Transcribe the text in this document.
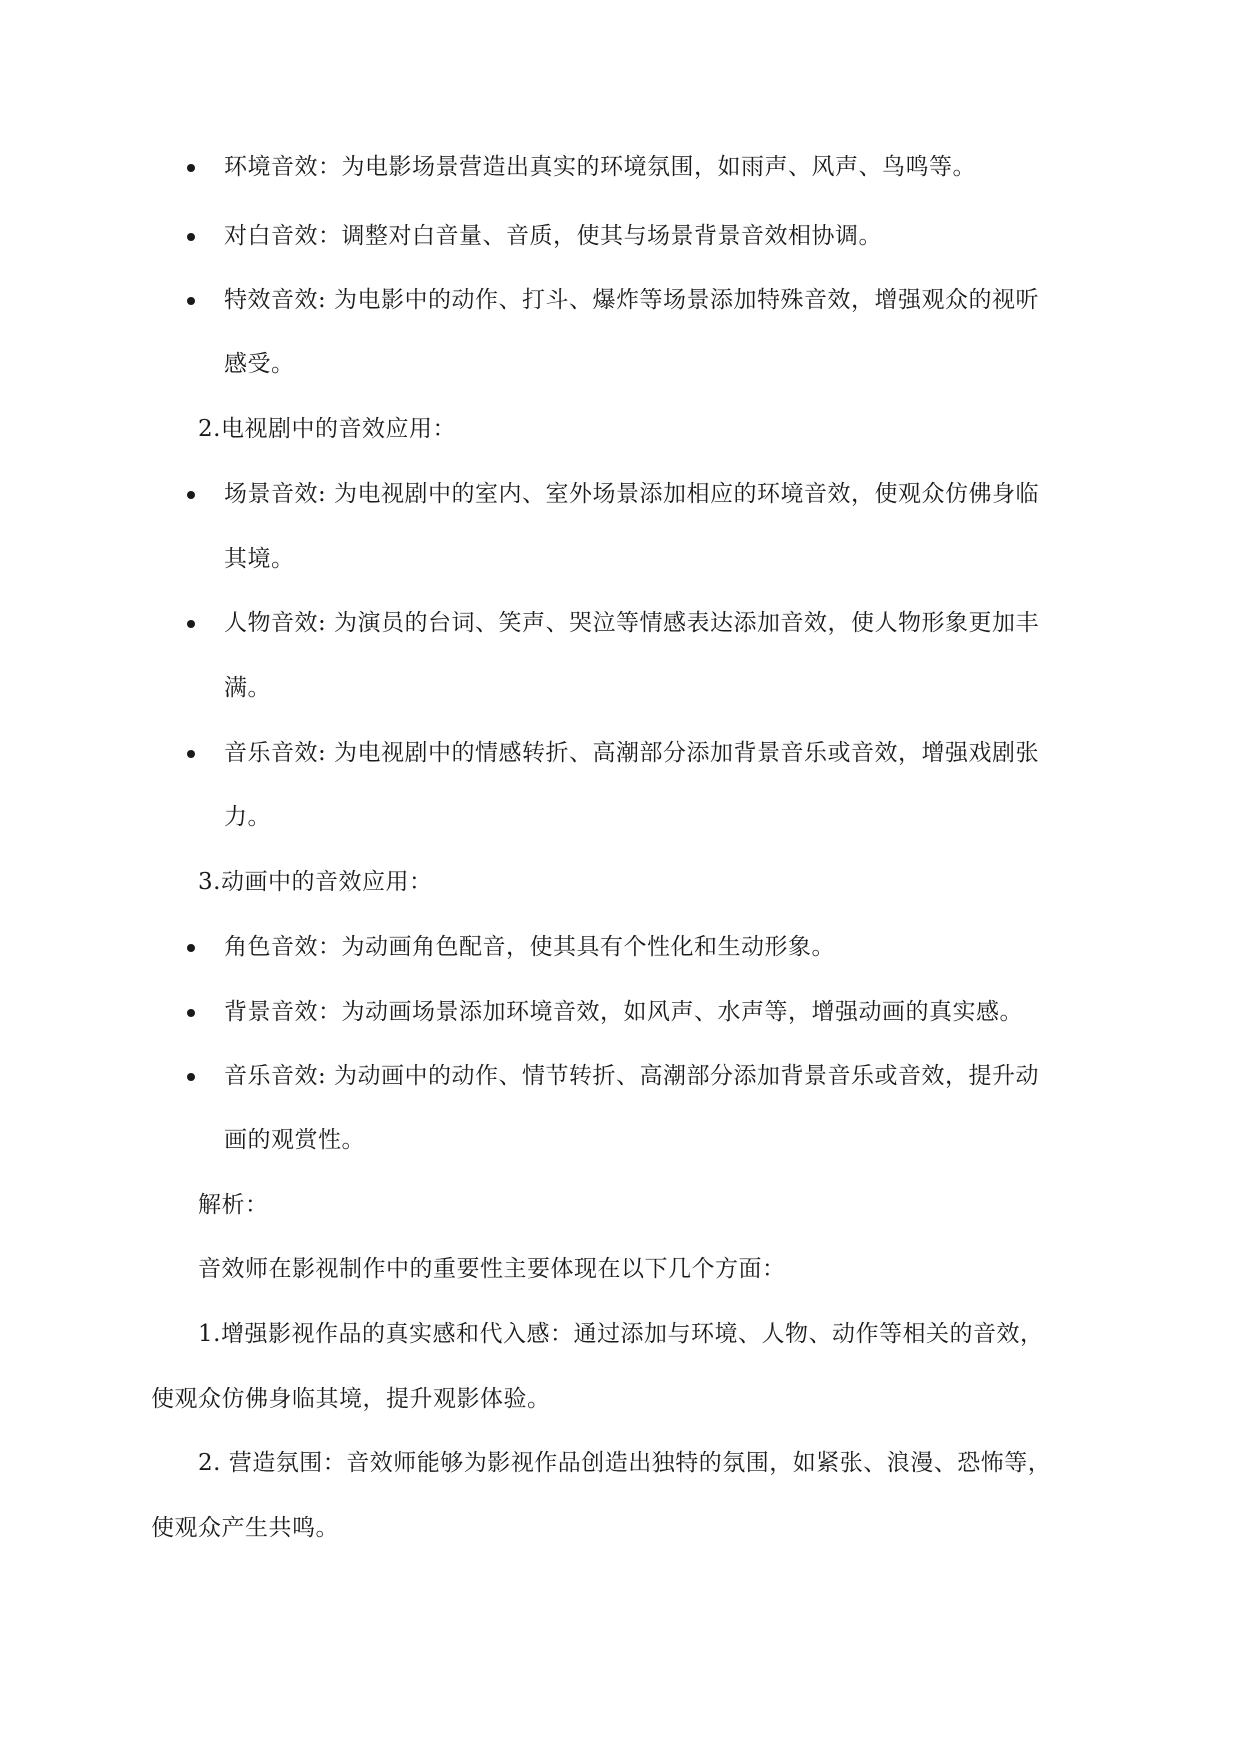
环境音效：为电影场景营造出真实的环境氛围，如雨声、风声、鸟鸣等。
对白音效：调整对白音量、音质，使其与场景背景音效相协调。
特效音效: 为电影中的动作、打斗、爆炸等场景添加特殊音效，增强观众的视听
感受。
2.电视剧中的音效应用：
场景音效: 为电视剧中的室内、室外场景添加相应的环境音效，使观众仿佛身临
其境。
人物音效: 为演员的台词、笑声、哭泣等情感表达添加音效，使人物形象更加丰
满。
音乐音效: 为电视剧中的情感转折、高潮部分添加背景音乐或音效，增强戏剧张
力。
3.动画中的音效应用：
角色音效：为动画角色配音，使其具有个性化和生动形象。
背景音效：为动画场景添加环境音效，如风声、水声等，增强动画的真实感。
音乐音效: 为动画中的动作、情节转折、高潮部分添加背景音乐或音效，提升动
画的观赏性。
解析：
音效师在影视制作中的重要性主要体现在以下几个方面：
1.增强影视作品的真实感和代入感：通过添加与环境、人物、动作等相关的音效，
使观众仿佛身临其境，提升观影体验。
2. 营造氛围：音效师能够为影视作品创造出独特的氛围，如紧张、浪漫、恐怖等，
使观众产生共鸣。
